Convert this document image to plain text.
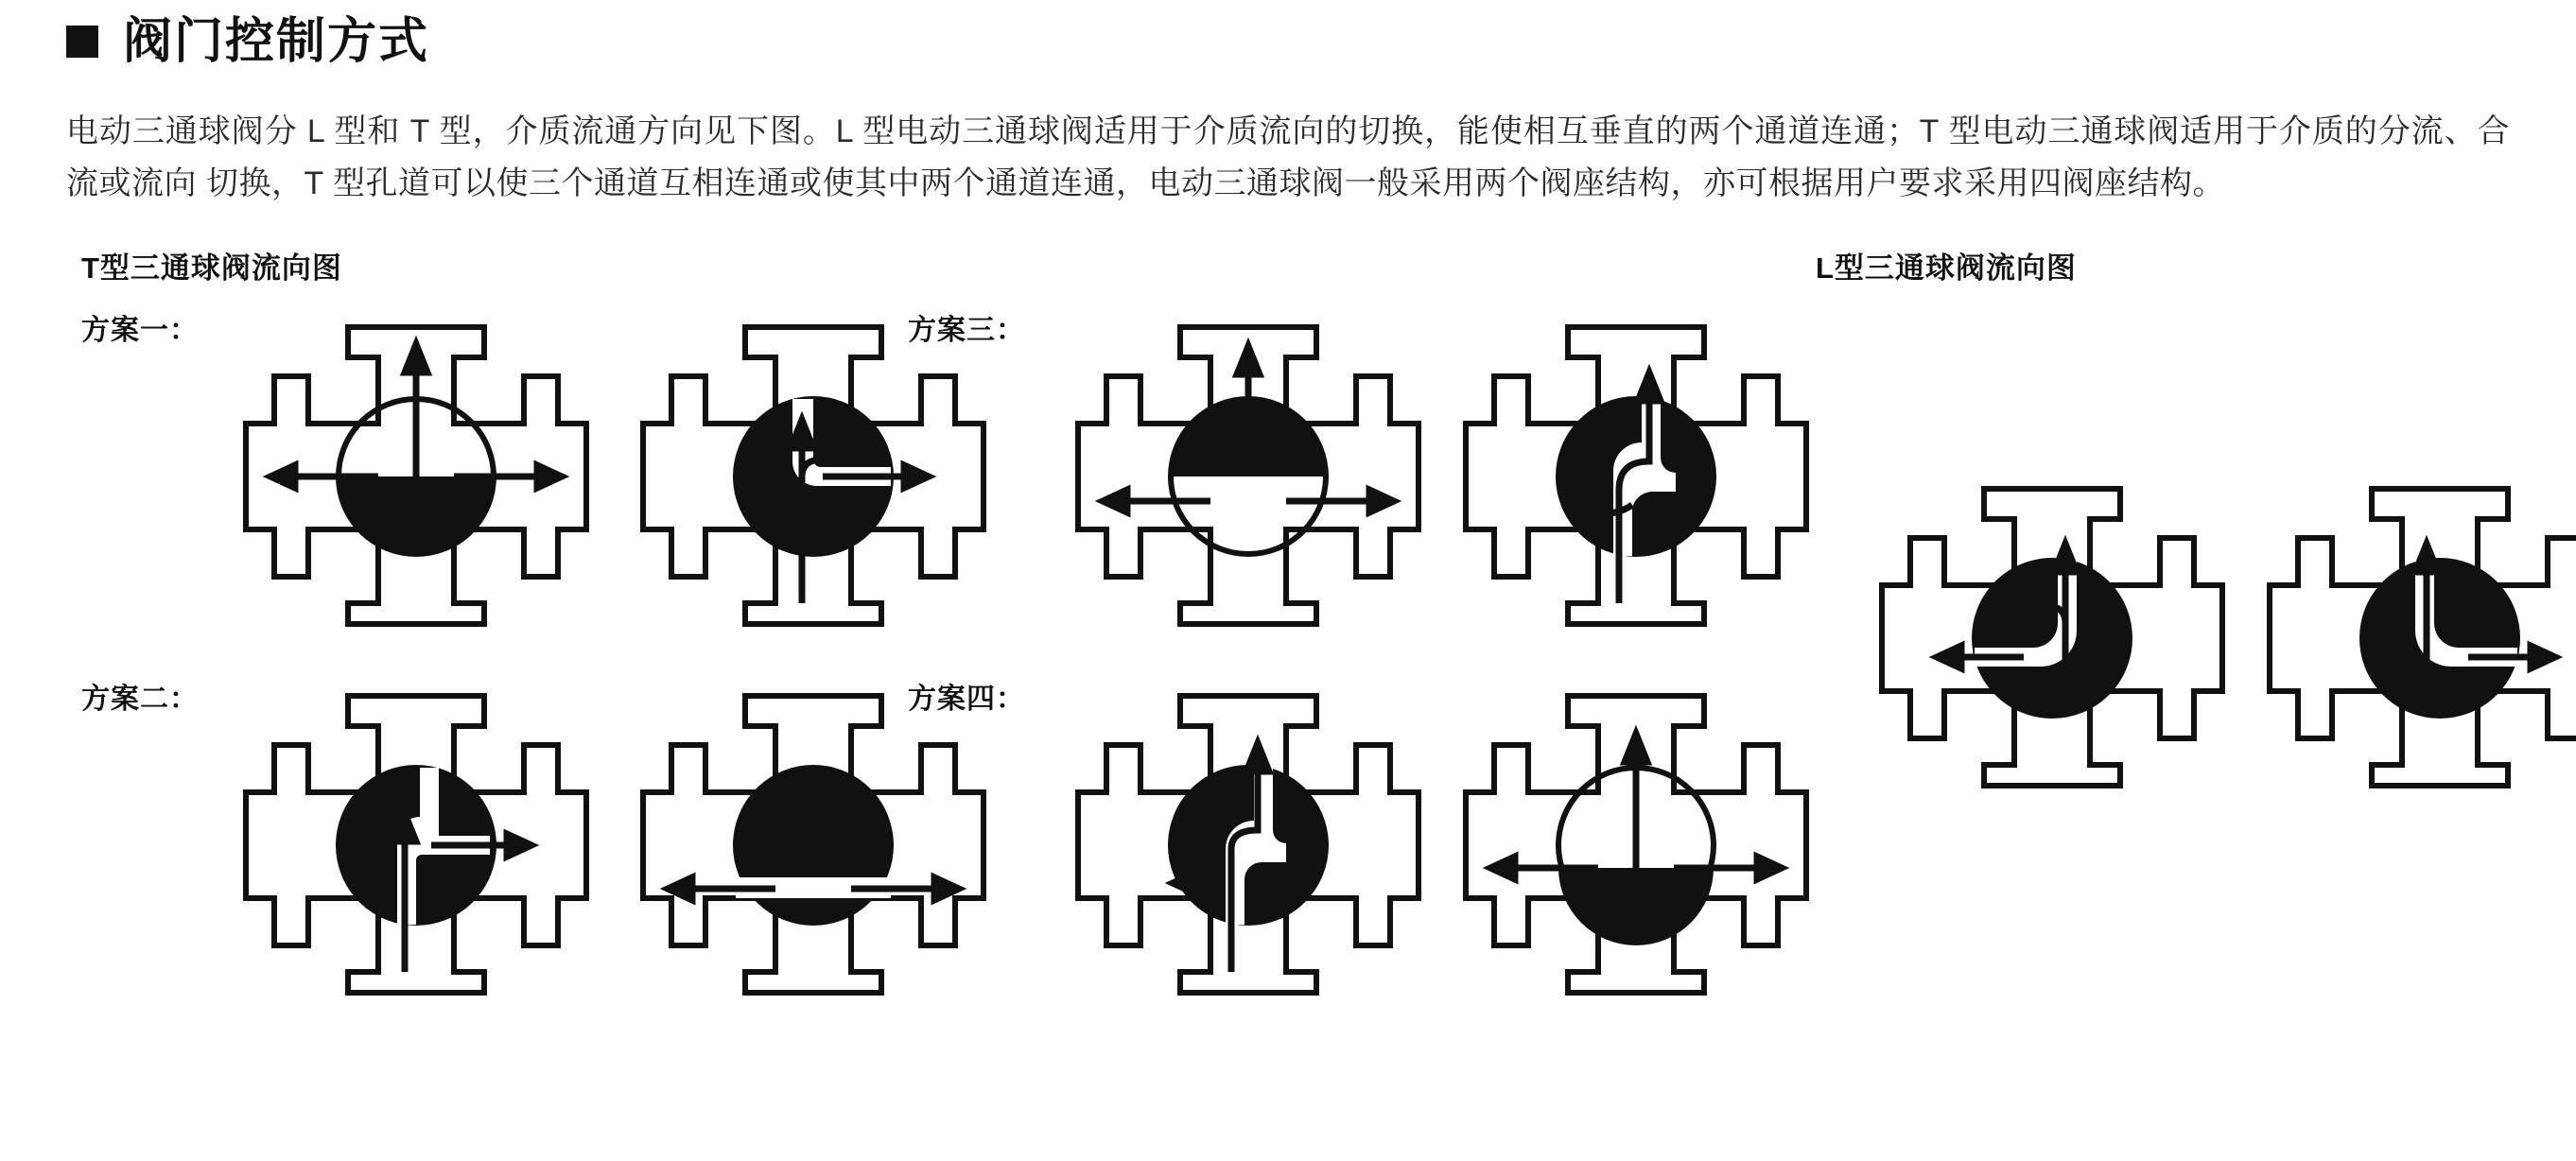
阀门控制方式
电动三通球阀分 L 型和 T 型，介质流通方向见下图。L 型电动三通球阀适用于介质流向的切换，能使相互垂直的两个通道连通；T 型电动三通球阀适用于介质的分流、合流或流向 切换，T 型孔道可以使三个通道互相连通或使其中两个通道连通，电动三通球阀一般采用两个阀座结构，亦可根据用户要求采用四阀座结构。
T型三通球阀流向图	L型三通球阀流向图
方案一：	方案三：
方案二：	方案四：
